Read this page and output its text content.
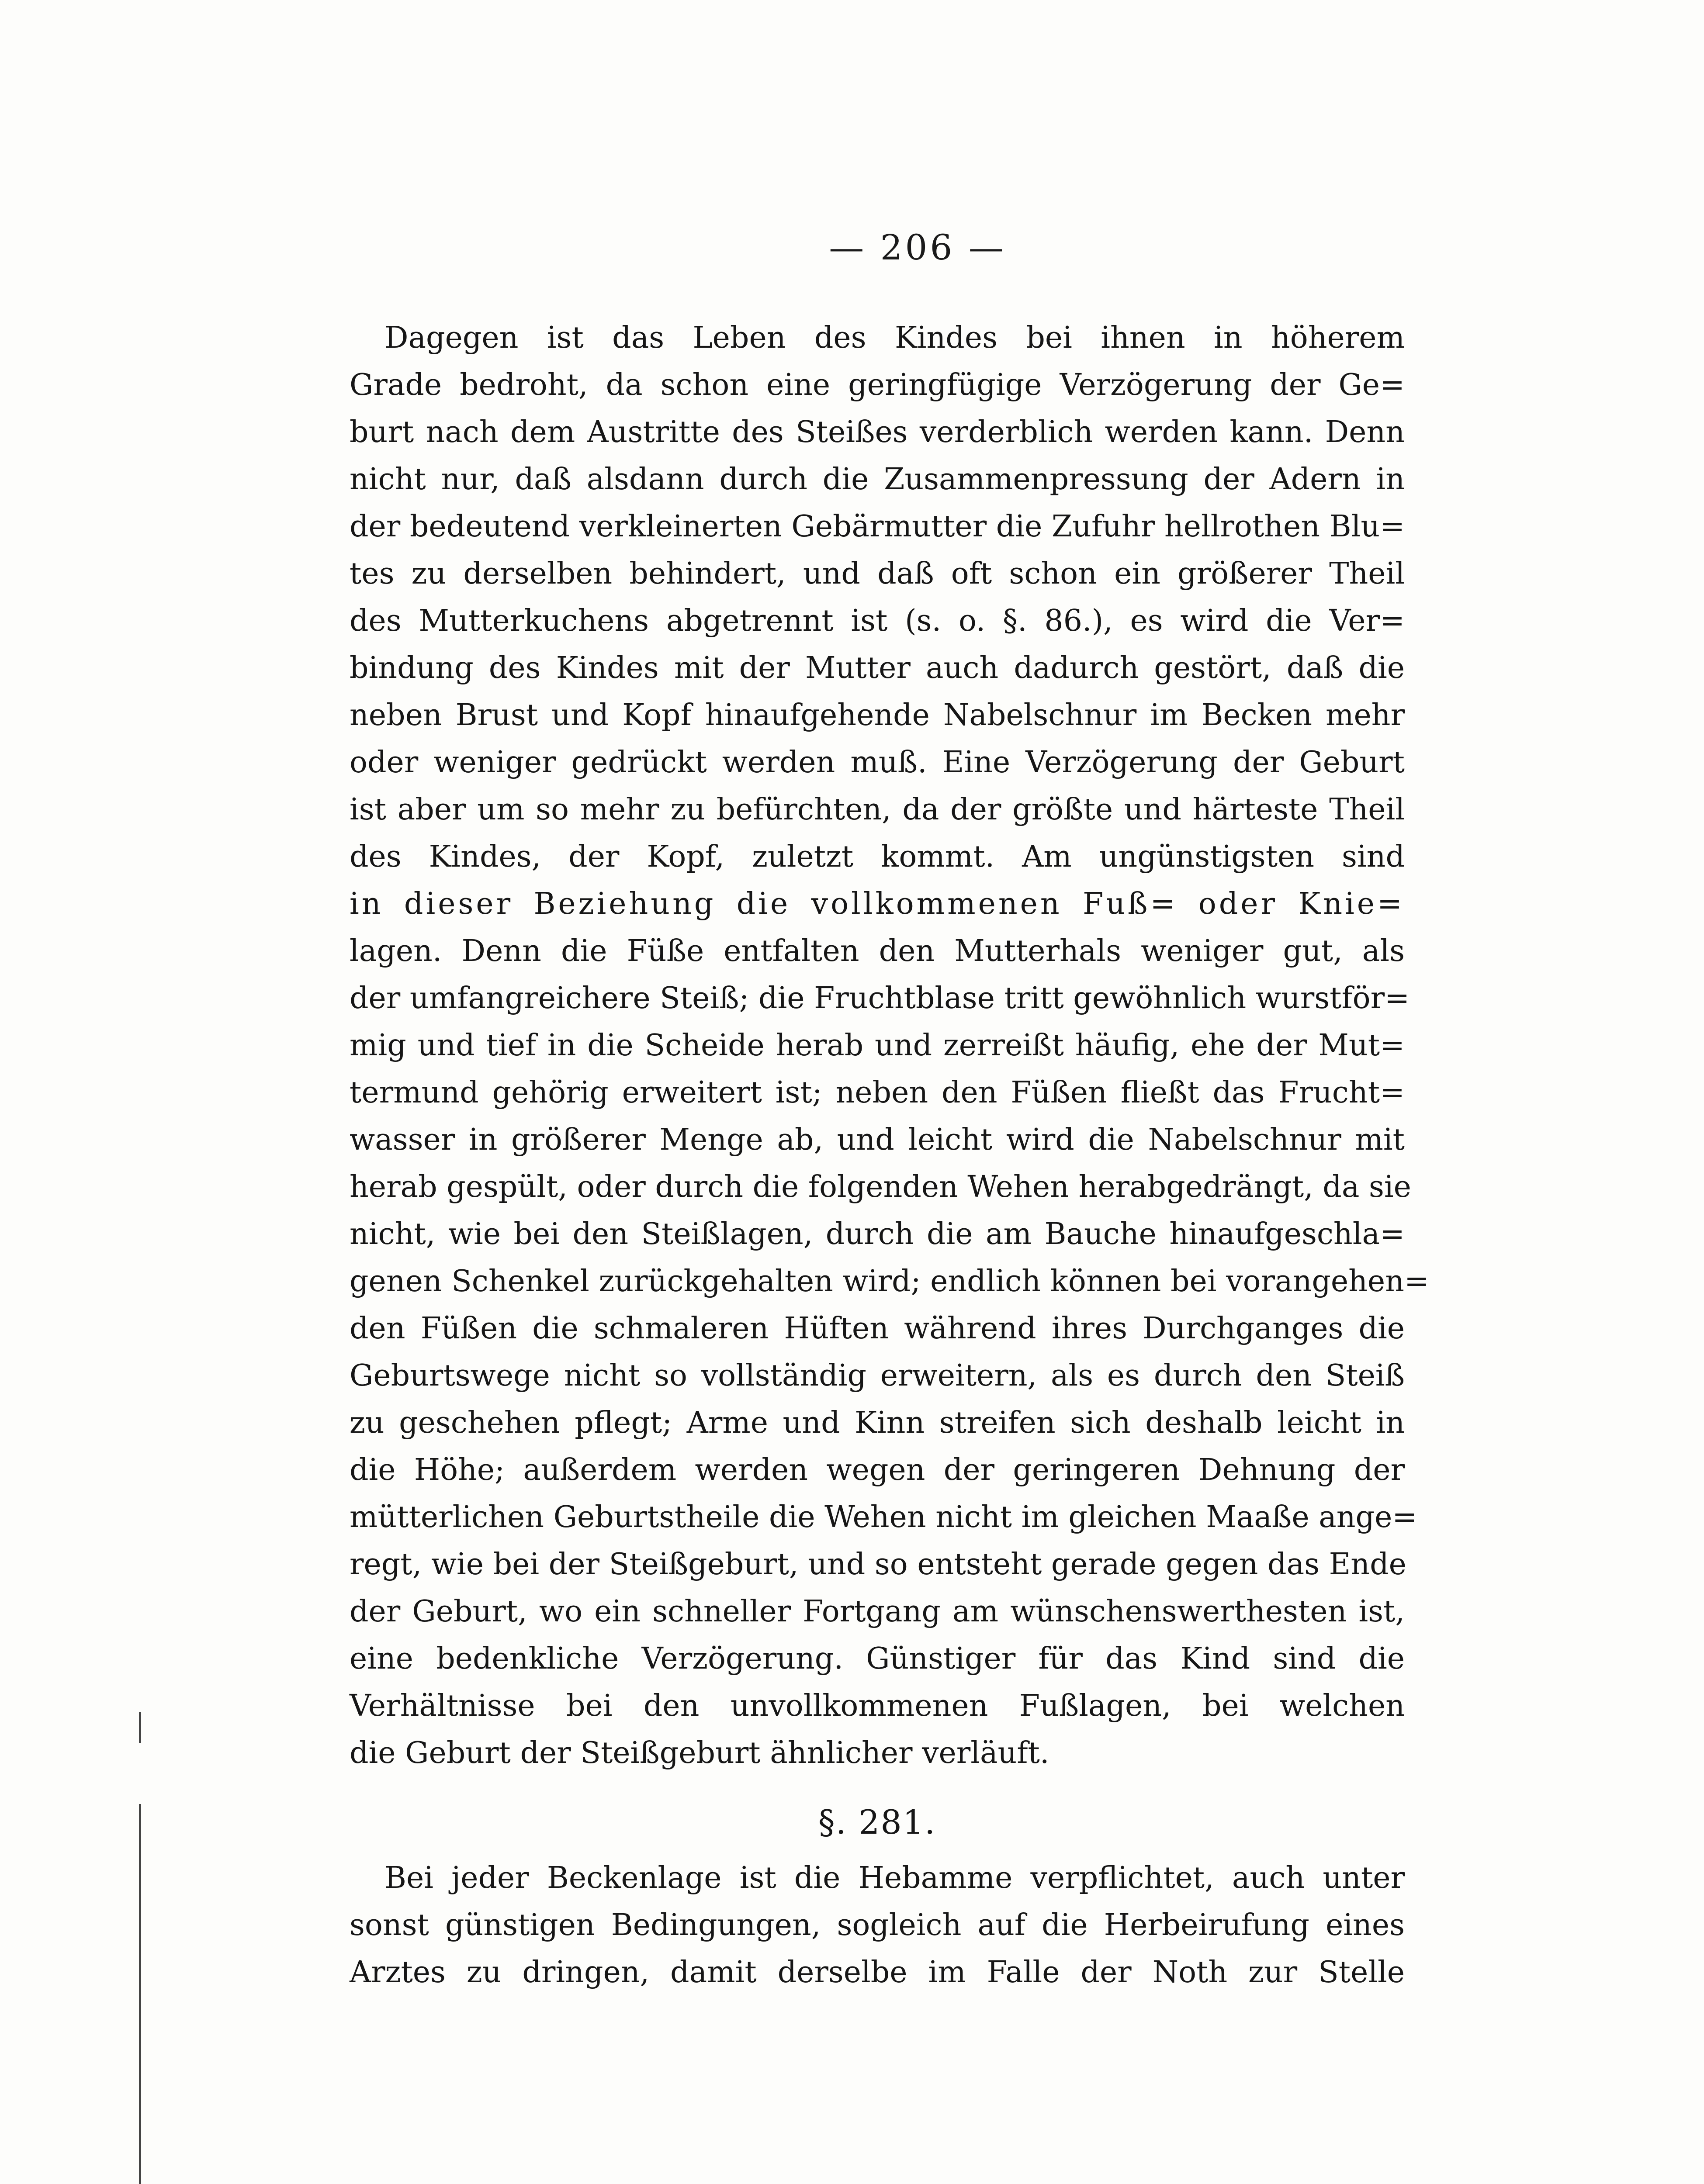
— 206 —
Dagegen ist das Leben des Kindes bei ihnen in höherem
Grade bedroht, da schon eine geringfügige Verzögerung der Ge=
burt nach dem Austritte des Steißes verderblich werden kann. Denn
nicht nur, daß alsdann durch die Zusammenpressung der Adern in
der bedeutend verkleinerten Gebärmutter die Zufuhr hellrothen Blu=
tes zu derselben behindert, und daß oft schon ein größerer Theil
des Mutterkuchens abgetrennt ist (s. o. §. 86.), es wird die Ver=
bindung des Kindes mit der Mutter auch dadurch gestört, daß die
neben Brust und Kopf hinaufgehende Nabelschnur im Becken mehr
oder weniger gedrückt werden muß. Eine Verzögerung der Geburt
ist aber um so mehr zu befürchten, da der größte und härteste Theil
des Kindes, der Kopf, zuletzt kommt. Am ungünstigsten sind
in dieser Beziehung die vollkommenen Fuß= oder Knie=
lagen. Denn die Füße entfalten den Mutterhals weniger gut, als
der umfangreichere Steiß; die Fruchtblase tritt gewöhnlich wurstför=
mig und tief in die Scheide herab und zerreißt häufig, ehe der Mut=
termund gehörig erweitert ist; neben den Füßen fließt das Frucht=
wasser in größerer Menge ab, und leicht wird die Nabelschnur mit
herab gespült, oder durch die folgenden Wehen herabgedrängt, da sie
nicht, wie bei den Steißlagen, durch die am Bauche hinaufgeschla=
genen Schenkel zurückgehalten wird; endlich können bei vorangehen=
den Füßen die schmaleren Hüften während ihres Durchganges die
Geburtswege nicht so vollständig erweitern, als es durch den Steiß
zu geschehen pflegt; Arme und Kinn streifen sich deshalb leicht in
die Höhe; außerdem werden wegen der geringeren Dehnung der
mütterlichen Geburtstheile die Wehen nicht im gleichen Maaße ange=
regt, wie bei der Steißgeburt, und so entsteht gerade gegen das Ende
der Geburt, wo ein schneller Fortgang am wünschenswerthesten ist,
eine bedenkliche Verzögerung. Günstiger für das Kind sind die
Verhältnisse bei den unvollkommenen Fußlagen, bei welchen
die Geburt der Steißgeburt ähnlicher verläuft.
§. 281.
Bei jeder Beckenlage ist die Hebamme verpflichtet, auch unter
sonst günstigen Bedingungen, sogleich auf die Herbeirufung eines
Arztes zu dringen, damit derselbe im Falle der Noth zur Stelle
